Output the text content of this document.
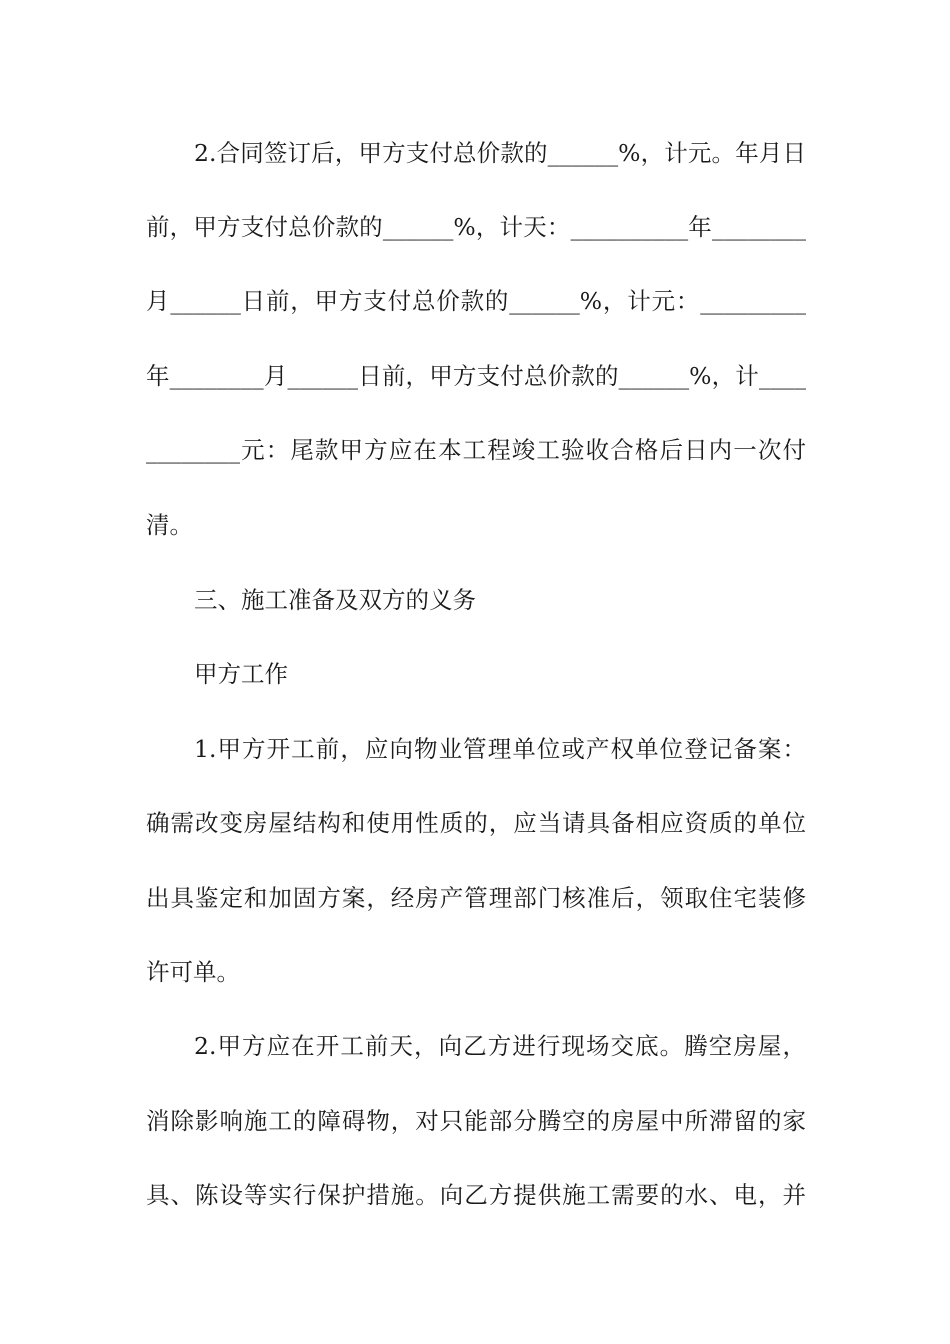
2.合同签订后，甲方支付总价款的______%，计元。年月日
前，甲方支付总价款的______%，计天：__________年________
月______日前，甲方支付总价款的______%，计元：_________
年________月______日前，甲方支付总价款的______%，计____
________元：尾款甲方应在本工程竣工验收合格后日内一次付
清。
三、施工准备及双方的义务
甲方工作
1.甲方开工前，应向物业管理单位或产权单位登记备案：
确需改变房屋结构和使用性质的，应当请具备相应资质的单位
出具鉴定和加固方案，经房产管理部门核准后，领取住宅装修
许可单。
2.甲方应在开工前天，向乙方进行现场交底。腾空房屋，
消除影响施工的障碍物，对只能部分腾空的房屋中所滞留的家
具、陈设等实行保护措施。向乙方提供施工需要的水、电，并
